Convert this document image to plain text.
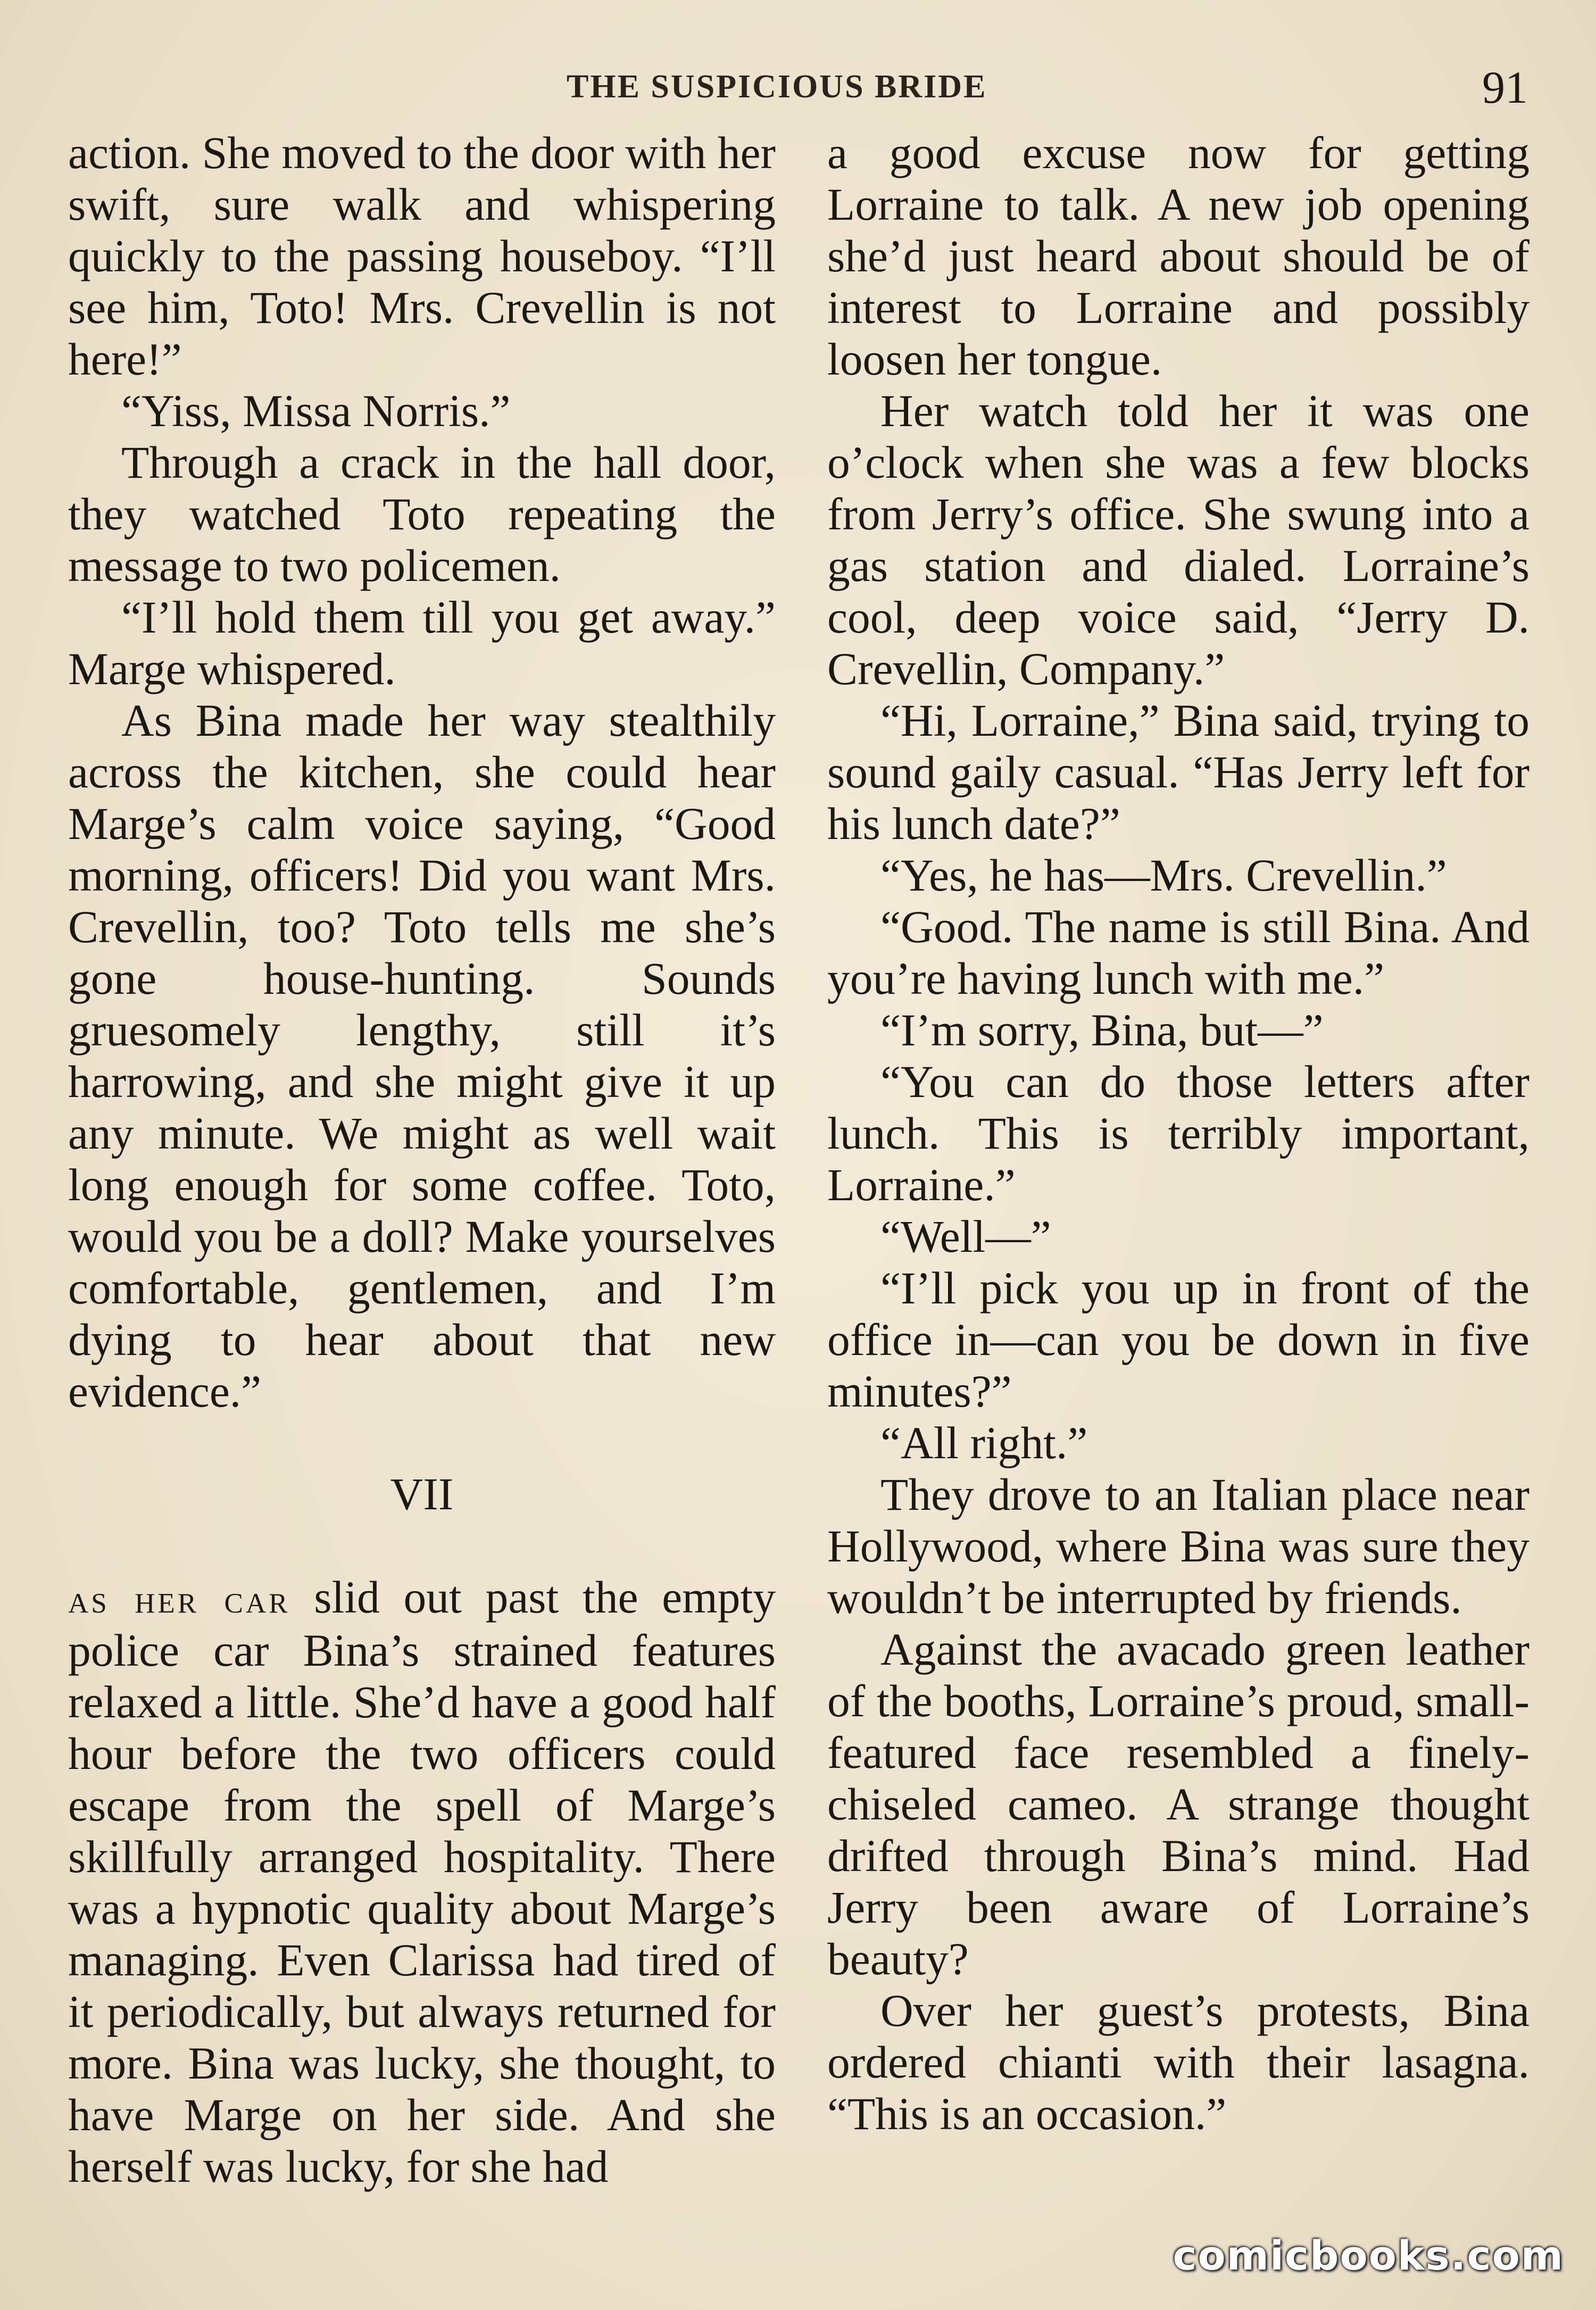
THE SUSPICIOUS BRIDE	91

action. She moved to the door with her swift, sure walk and whispering quickly to the passing houseboy. “I’ll see him, Toto! Mrs. Crevellin is not here!”

“Yiss, Missa Norris.”

Through a crack in the hall door, they watched Toto repeating the message to two policemen.

“I’ll hold them till you get away.” Marge whispered.

As Bina made her way stealthily across the kitchen, she could hear Marge’s calm voice saying, “Good morning, officers! Did you want Mrs. Crevellin, too? Toto tells me she’s gone house-hunting. Sounds gruesomely lengthy, still it’s harrowing, and she might give it up any minute. We might as well wait long enough for some coffee. Toto, would you be a doll? Make yourselves comfortable, gentlemen, and I’m dying to hear about that new evidence.”

VII

as her car slid out past the empty police car Bina’s strained features relaxed a little. She’d have a good half hour before the two officers could escape from the spell of Marge’s skillfully arranged hospitality. There was a hypnotic quality about Marge’s managing. Even Clarissa had tired of it periodically, but always returned for more. Bina was lucky, she thought, to have Marge on her side. And she herself was lucky, for she had

a good excuse now for getting Lorraine to talk. A new job opening she’d just heard about should be of interest to Lorraine and possibly loosen her tongue.

Her watch told her it was one o’clock when she was a few blocks from Jerry’s office. She swung into a gas station and dialed. Lorraine’s cool, deep voice said, “Jerry D. Crevellin, Company.”

“Hi, Lorraine,” Bina said, trying to sound gaily casual. “Has Jerry left for his lunch date?”

“Yes, he has—Mrs. Crevellin.”

“Good. The name is still Bina. And you’re having lunch with me.”

“I’m sorry, Bina, but—”

“You can do those letters after lunch. This is terribly important, Lorraine.”

“Well—”

“I’ll pick you up in front of the office in—can you be down in five minutes?”

“All right.”

They drove to an Italian place near Hollywood, where Bina was sure they wouldn’t be interrupted by friends.

Against the avacado green leather of the booths, Lorraine’s proud, small-featured face resembled a finely-chiseled cameo. A strange thought drifted through Bina’s mind. Had Jerry been aware of Lorraine’s beauty?

Over her guest’s protests, Bina ordered chianti with their lasagna. “This is an occasion.”

comicbooks.com
